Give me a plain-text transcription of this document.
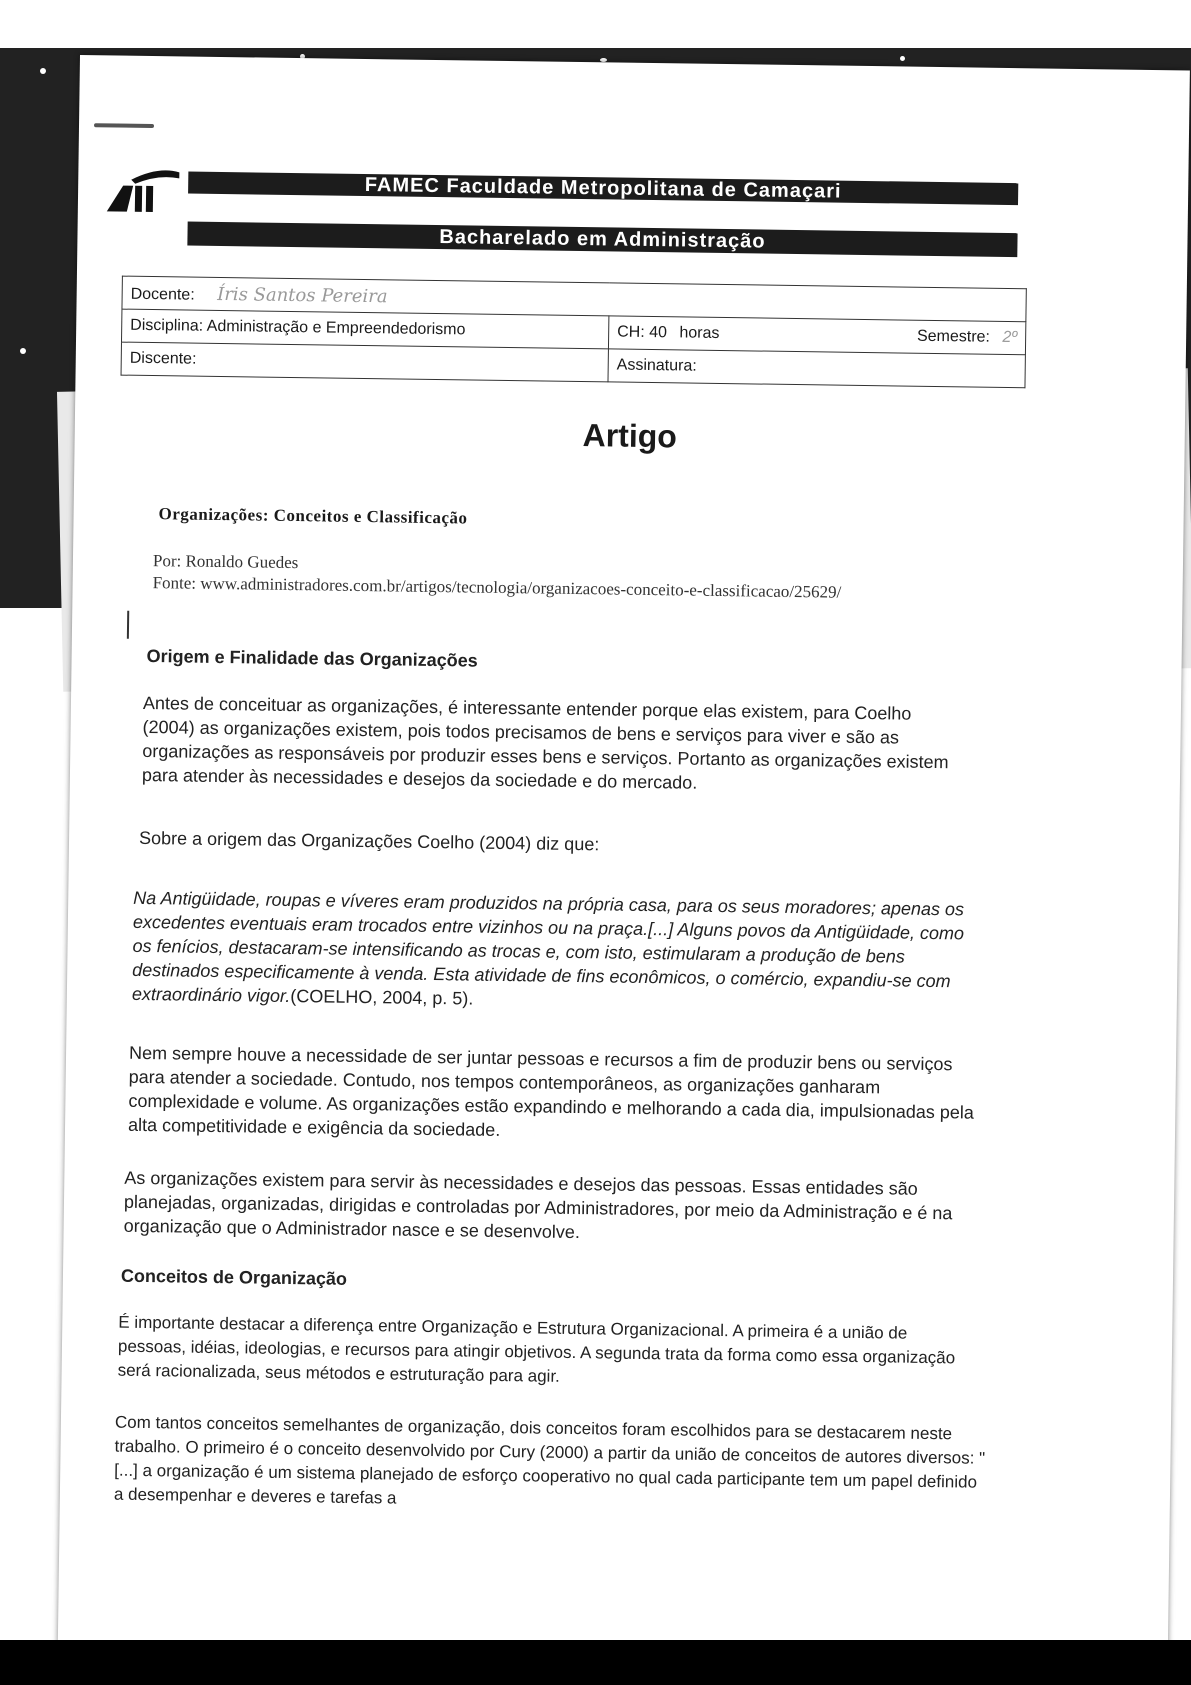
FAMEC Faculdade Metropolitana de Camaçari
Bacharelado em Administração
Docente: Íris Santos Pereira	
Disciplina: Administração e Empreendedorismo	CH: 40 horas Semestre: 2º

Discente:	Assinatura:
Artigo
Organizações: Conceitos e Classificação
Por: Ronaldo Guedes
Fonte: www.administradores.com.br/artigos/tecnologia/organizacoes-conceito-e-classificacao/25629/
Origem e Finalidade das Organizações
Antes de conceituar as organizações, é interessante entender porque elas existem, para Coelho (2004) as organizações existem, pois todos precisamos de bens e serviços para viver e são as organizações as responsáveis por produzir esses bens e serviços. Portanto as organizações existem para atender às necessidades e desejos da sociedade e do mercado.
Sobre a origem das Organizações Coelho (2004) diz que:
Na Antigüidade, roupas e víveres eram produzidos na própria casa, para os seus moradores; apenas os excedentes eventuais eram trocados entre vizinhos ou na praça.[...] Alguns povos da Antigüidade, como os fenícios, destacaram-se intensificando as trocas e, com isto, estimularam a produção de bens destinados especificamente à venda. Esta atividade de fins econômicos, o comércio, expandiu-se com extraordinário vigor.(COELHO, 2004, p. 5).
Nem sempre houve a necessidade de ser juntar pessoas e recursos a fim de produzir bens ou serviços para atender a sociedade. Contudo, nos tempos contemporâneos, as organizações ganharam complexidade e volume. As organizações estão expandindo e melhorando a cada dia, impulsionadas pela alta competitividade e exigência da sociedade.
As organizações existem para servir às necessidades e desejos das pessoas. Essas entidades são planejadas, organizadas, dirigidas e controladas por Administradores, por meio da Administração e é na organização que o Administrador nasce e se desenvolve.
Conceitos de Organização
É importante destacar a diferença entre Organização e Estrutura Organizacional. A primeira é a união de pessoas, idéias, ideologias, e recursos para atingir objetivos. A segunda trata da forma como essa organização será racionalizada, seus métodos e estruturação para agir.
Com tantos conceitos semelhantes de organização, dois conceitos foram escolhidos para se destacarem neste trabalho. O primeiro é o conceito desenvolvido por Cury (2000) a partir da união de conceitos de autores diversos: "[...] a organização é um sistema planejado de esforço cooperativo no qual cada participante tem um papel definido a desempenhar e deveres e tarefas a
